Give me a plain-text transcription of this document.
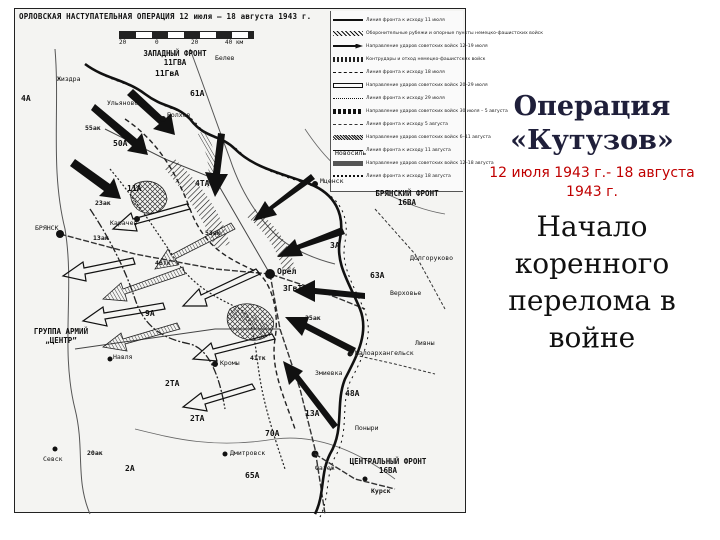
ОРЛОВСКАЯ НАСТУПАТЕЛЬНАЯ ОПЕРАЦИЯ 12 июля – 18 августа 1943 г.
20	0	20	40 км
Линия фронта к исходу 11 июля
Оборонительные рубежи и опорные пункты немецко-фашистских войск
Направление ударов советских войск 12–19 июля
Контрудары и отход немецко-фашистских войск
Линия фронта к исходу 18 июля
Направление ударов советских войск 20–29 июля
Линия фронта к исходу 29 июля
Направление ударов советских войск 30 июля – 5 августа
Линия фронта к исходу 5 августа
Направление ударов советских войск 6–11 августа
Линия фронта к исходу 11 августа
Направление ударов советских войск 12–18 августа
Линия фронта к исходу 18 августа
ЗАПАДНЫЙ ФРОНТ
11ГВА
БРЯНСКИЙ ФРОНТ
16ВА
ЦЕНТРАЛЬНЫЙ ФРОНТ
16ВА
ГРУППА АРМИЙ
„ЦЕНТР”
БРЯНСК
Карачев
Болхов
Орёл
Мценск
Кромы
Дмитровск
Севск
Навля
Жиздра
Ульяново
Новосиль
Верховье
Ливны
Малоархангельск
Поныри
Фатеж
Курск
Белев
Змиевка
Долгоруково
11А
61А
3А
63А
48А
13А
70А
65А
2ТА
3ГвТА
4ТА
11ГвА
50А
9А
2ТА
4А
2А
55ак
35ак
53ак
20ак
46тк
41тк
13ак
23ак
Операция «Кутузов»
12 июля 1943 г.- 18 августа 1943 г.
Начало коренного перелома в войне
